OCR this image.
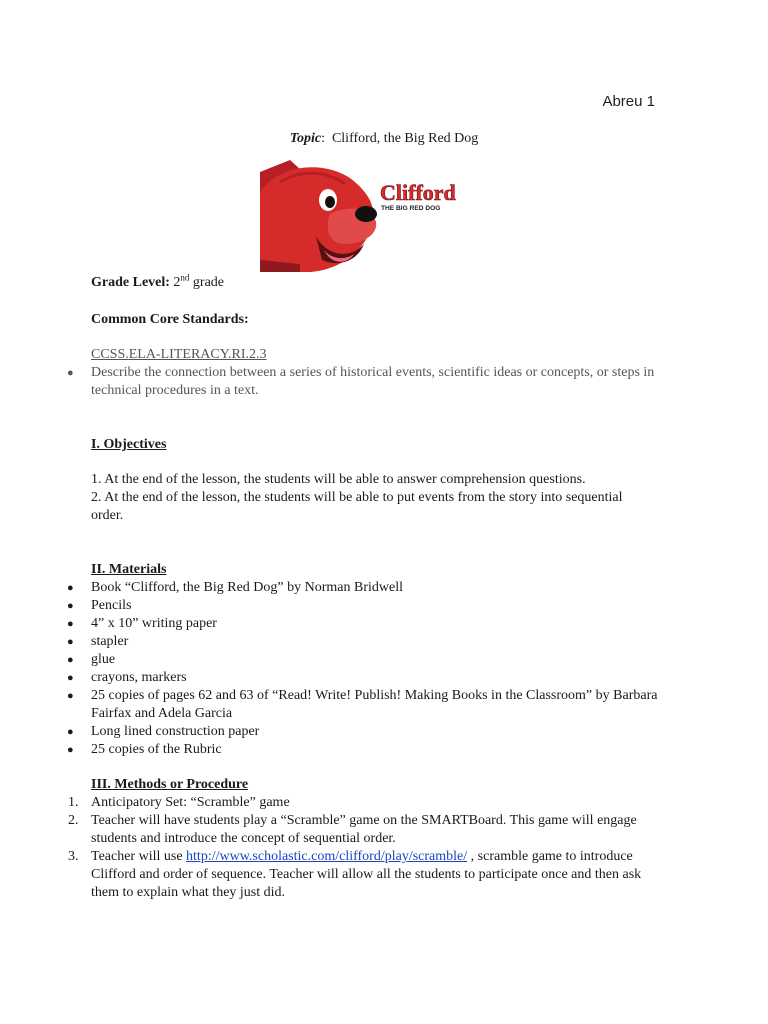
Abreu 1
Topic: Clifford, the Big Red Dog
Clifford
THE BIG RED DOG
Grade Level: 2nd grade
Common Core Standards:
CCSS.ELA-LITERACY.RI.2.3
● Describe the connection between a series of historical events, scientific ideas or concepts, or steps in technical procedures in a text.
I. Objectives
1. At the end of the lesson, the students will be able to answer comprehension questions.
2. At the end of the lesson, the students will be able to put events from the story into sequential order.
II. Materials
● Book “Clifford, the Big Red Dog” by Norman Bridwell
● Pencils
● 4” x 10” writing paper
● stapler
● glue
● crayons, markers
● 25 copies of pages 62 and 63 of “Read! Write! Publish! Making Books in the Classroom” by Barbara Fairfax and Adela Garcia
● Long lined construction paper
● 25 copies of the Rubric
III. Methods or Procedure
1. Anticipatory Set: “Scramble” game
2. Teacher will have students play a “Scramble” game on the SMARTBoard. This game will engage students and introduce the concept of sequential order.
3. Teacher will use http://www.scholastic.com/clifford/play/scramble/ , scramble game to introduce Clifford and order of sequence. Teacher will allow all the students to participate once and then ask them to explain what they just did.
